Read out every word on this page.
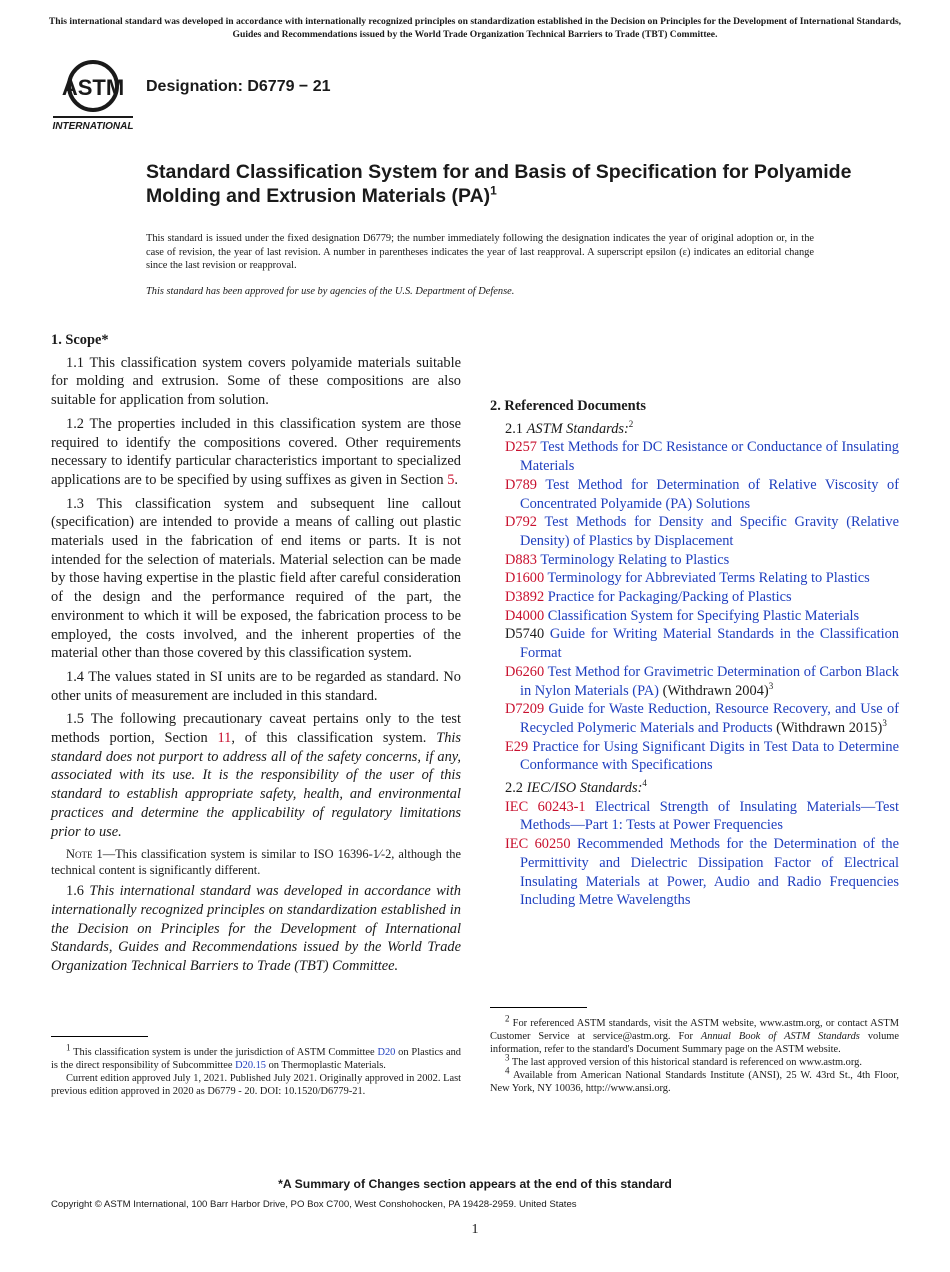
This international standard was developed in accordance with internationally recognized principles on standardization established in the Decision on Principles for the Development of International Standards, Guides and Recommendations issued by the World Trade Organization Technical Barriers to Trade (TBT) Committee.
ASTM
INTERNATIONAL
Designation: D6779 − 21
Standard Classification System for and Basis of Specification for Polyamide Molding and Extrusion Materials (PA)$^1$
This standard is issued under the fixed designation D6779; the number immediately following the designation indicates the year of original adoption or, in the case of revision, the year of last revision. A number in parentheses indicates the year of last reapproval. A superscript epsilon (ε) indicates an editorial change since the last revision or reapproval.
This standard has been approved for use by agencies of the U.S. Department of Defense.
1. Scope*

1.1 This classification system covers polyamide materials suitable for molding and extrusion. Some of these compositions are also suitable for application from solution.

1.2 The properties included in this classification system are those required to identify the compositions covered. Other requirements necessary to identify particular characteristics important to specialized applications are to be specified by using suffixes as given in Section 5.

1.3 This classification system and subsequent line callout (specification) are intended to provide a means of calling out plastic materials used in the fabrication of end items or parts. It is not intended for the selection of materials. Material selection can be made by those having expertise in the plastic field after careful consideration of the design and the performance required of the part, the environment to which it will be exposed, the fabrication process to be employed, the costs involved, and the inherent properties of the material other than those covered by this classification system.

1.4 The values stated in SI units are to be regarded as standard. No other units of measurement are included in this standard.

1.5 The following precautionary caveat pertains only to the test methods portion, Section 11, of this classification system. This standard does not purport to address all of the safety concerns, if any, associated with its use. It is the responsibility of the user of this standard to establish appropriate safety, health, and environmental practices and determine the applicability of regulatory limitations prior to use.

Note 1—This classification system is similar to ISO 16396-1⁄-2, although the technical content is significantly different.

1.6 This international standard was developed in accordance with internationally recognized principles on standardization established in the Decision on Principles for the Development of International Standards, Guides and Recommendations issued by the World Trade Organization Technical Barriers to Trade (TBT) Committee.

2. Referenced Documents

2.1 ASTM Standards:$^2$

D257 Test Methods for DC Resistance or Conductance of Insulating Materials

D789 Test Method for Determination of Relative Viscosity of Concentrated Polyamide (PA) Solutions

D792 Test Methods for Density and Specific Gravity (Relative Density) of Plastics by Displacement

D883 Terminology Relating to Plastics

D1600 Terminology for Abbreviated Terms Relating to Plastics

D3892 Practice for Packaging/Packing of Plastics

D4000 Classification System for Specifying Plastic Materials

D5740 Guide for Writing Material Standards in the Classification Format

D6260 Test Method for Gravimetric Determination of Carbon Black in Nylon Materials (PA) (Withdrawn 2004)$^3$

D7209 Guide for Waste Reduction, Resource Recovery, and Use of Recycled Polymeric Materials and Products (Withdrawn 2015)$^3$

E29 Practice for Using Significant Digits in Test Data to Determine Conformance with Specifications

2.2 IEC/ISO Standards:$^4$

IEC 60243-1 Electrical Strength of Insulating Materials—Test Methods—Part 1: Tests at Power Frequencies

IEC 60250 Recommended Methods for the Determination of the Permittivity and Dielectric Dissipation Factor of Electrical Insulating Materials at Power, Audio and Radio Frequencies Including Metre Wavelengths

$^1$ This classification system is under the jurisdiction of ASTM Committee D20 on Plastics and is the direct responsibility of Subcommittee D20.15 on Thermoplastic Materials.

Current edition approved July 1, 2021. Published July 2021. Originally approved in 2002. Last previous edition approved in 2020 as D6779 - 20. DOI: 10.1520/D6779-21.

$^2$ For referenced ASTM standards, visit the ASTM website, www.astm.org, or contact ASTM Customer Service at service@astm.org. For Annual Book of ASTM Standards volume information, refer to the standard's Document Summary page on the ASTM website.

$^3$ The last approved version of this historical standard is referenced on www.astm.org.

$^4$ Available from American National Standards Institute (ANSI), 25 W. 43rd St., 4th Floor, New York, NY 10036, http://www.ansi.org.

*A Summary of Changes section appears at the end of this standard
Copyright © ASTM International, 100 Barr Harbor Drive, PO Box C700, West Conshohocken, PA 19428-2959. United States
1
